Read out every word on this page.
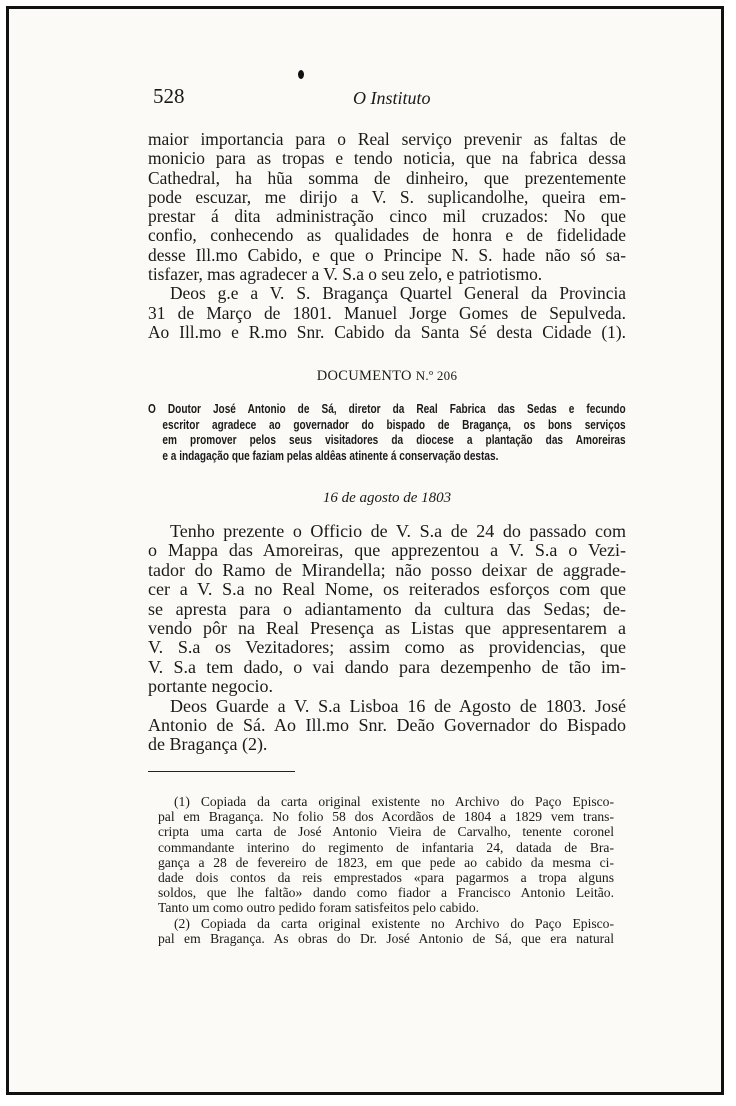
528	O Instituto

maior importancia para o Real serviço prevenir as faltas de

monicio para as tropas e tendo noticia, que na fabrica dessa

Cathedral, ha hũa somma de dinheiro, que prezentemente

pode escuzar, me dirijo a V. S. suplicandolhe, queira em-

prestar á dita administração cinco mil cruzados: No que

confio, conhecendo as qualidades de honra e de fidelidade

desse Ill.mo Cabido, e que o Principe N. S. hade não só sa-

tisfazer, mas agradecer a V. S.a o seu zelo, e patriotismo.

Deos g.e a V. S. Bragança Quartel General da Provincia

31 de Março de 1801. Manuel Jorge Gomes de Sepulveda.

Ao Ill.mo e R.mo Snr. Cabido da Santa Sé desta Cidade (1).

DOCUMENTO N.º 206
O Doutor José Antonio de Sá, diretor da Real Fabrica das Sedas e fecundo
escritor agradece ao governador do bispado de Bragança, os bons serviços
em promover pelos seus visitadores da diocese a plantação das Amoreiras
e a indagação que faziam pelas aldêas atinente á conservação destas.
16 de agosto de 1803

Tenho prezente o Officio de V. S.a de 24 do passado com

o Mappa das Amoreiras, que apprezentou a V. S.a o Vezi-

tador do Ramo de Mirandella; não posso deixar de aggrade-

cer a V. S.a no Real Nome, os reiterados esforços com que

se apresta para o adiantamento da cultura das Sedas; de-

vendo pôr na Real Presença as Listas que appresentarem a

V. S.a os Vezitadores; assim como as providencias, que

V. S.a tem dado, o vai dando para dezempenho de tão im-

portante negocio.

Deos Guarde a V. S.a Lisboa 16 de Agosto de 1803. José

Antonio de Sá. Ao Ill.mo Snr. Deão Governador do Bispado

de Bragança (2).

(1) Copiada da carta original existente no Archivo do Paço Episco-

pal em Bragança. No folio 58 dos Acordãos de 1804 a 1829 vem trans-

cripta uma carta de José Antonio Vieira de Carvalho, tenente coronel

commandante interino do regimento de infantaria 24, datada de Bra-

gança a 28 de fevereiro de 1823, em que pede ao cabido da mesma ci-

dade dois contos da reis emprestados «para pagarmos a tropa alguns

soldos, que lhe faltão» dando como fiador a Francisco Antonio Leitão.

Tanto um como outro pedido foram satisfeitos pelo cabido.

(2) Copiada da carta original existente no Archivo do Paço Episco-

pal em Bragança. As obras do Dr. José Antonio de Sá, que era natural
